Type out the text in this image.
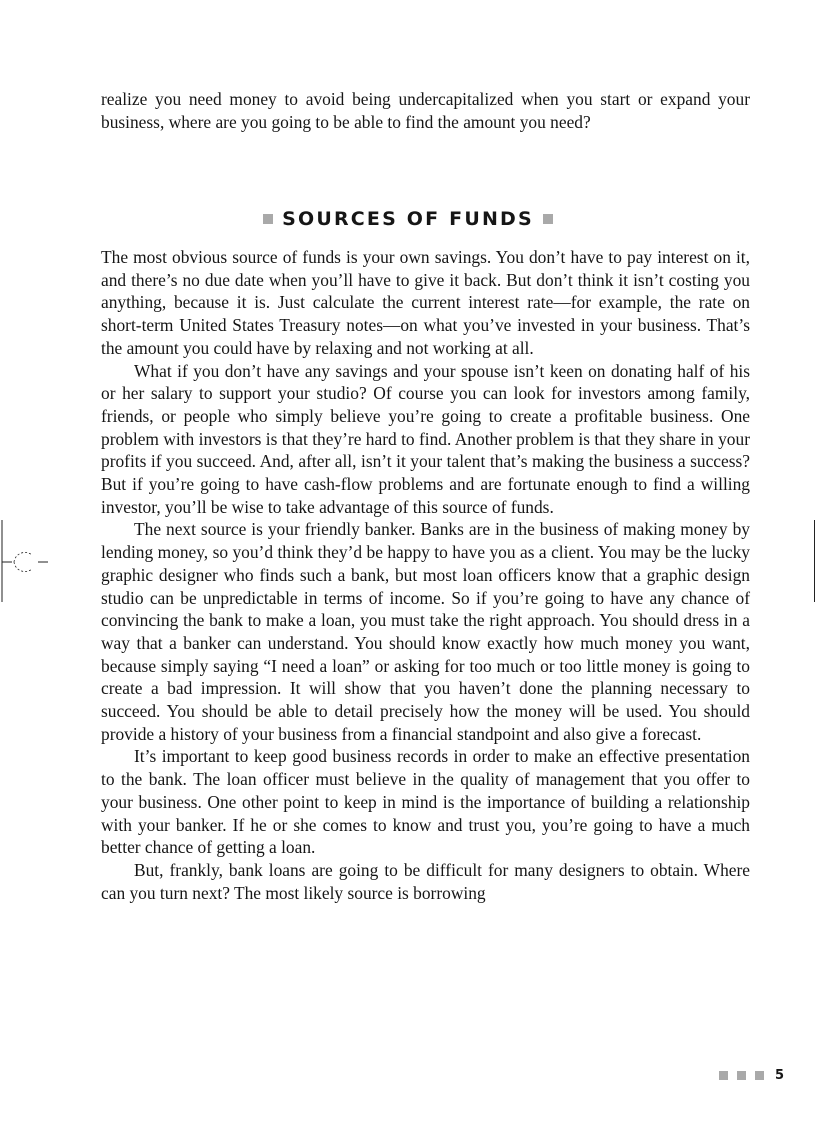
realize you need money to avoid being undercapitalized when you start or expand your business, where are you going to be able to find the amount you need?

SOURCES OF FUNDS

The most obvious source of funds is your own savings. You don’t have to pay interest on it, and there’s no due date when you’ll have to give it back. But don’t think it isn’t costing you anything, because it is. Just calculate the current interest rate—for example, the rate on short-term United States Treasury notes—on what you’ve invested in your business. That’s the amount you could have by relaxing and not working at all.

What if you don’t have any savings and your spouse isn’t keen on donating half of his or her salary to support your studio? Of course you can look for investors among family, friends, or people who simply believe you’re going to create a profitable business. One problem with investors is that they’re hard to find. Another problem is that they share in your profits if you succeed. And, after all, isn’t it your talent that’s making the business a success? But if you’re going to have cash-flow problems and are fortunate enough to find a willing investor, you’ll be wise to take advantage of this source of funds.

The next source is your friendly banker. Banks are in the business of making money by lending money, so you’d think they’d be happy to have you as a client. You may be the lucky graphic designer who finds such a bank, but most loan officers know that a graphic design studio can be unpredictable in terms of income. So if you’re going to have any chance of convincing the bank to make a loan, you must take the right approach. You should dress in a way that a banker can understand. You should know exactly how much money you want, because simply saying “I need a loan” or asking for too much or too little money is going to create a bad impression. It will show that you haven’t done the planning necessary to succeed. You should be able to detail precisely how the money will be used. You should provide a history of your business from a financial standpoint and also give a forecast.

It’s important to keep good business records in order to make an effective presentation to the bank. The loan officer must believe in the quality of management that you offer to your business. One other point to keep in mind is the importance of building a relationship with your banker. If he or she comes to know and trust you, you’re going to have a much better chance of getting a loan.

But, frankly, bank loans are going to be difficult for many designers to obtain. Where can you turn next? The most likely source is borrowing

5
